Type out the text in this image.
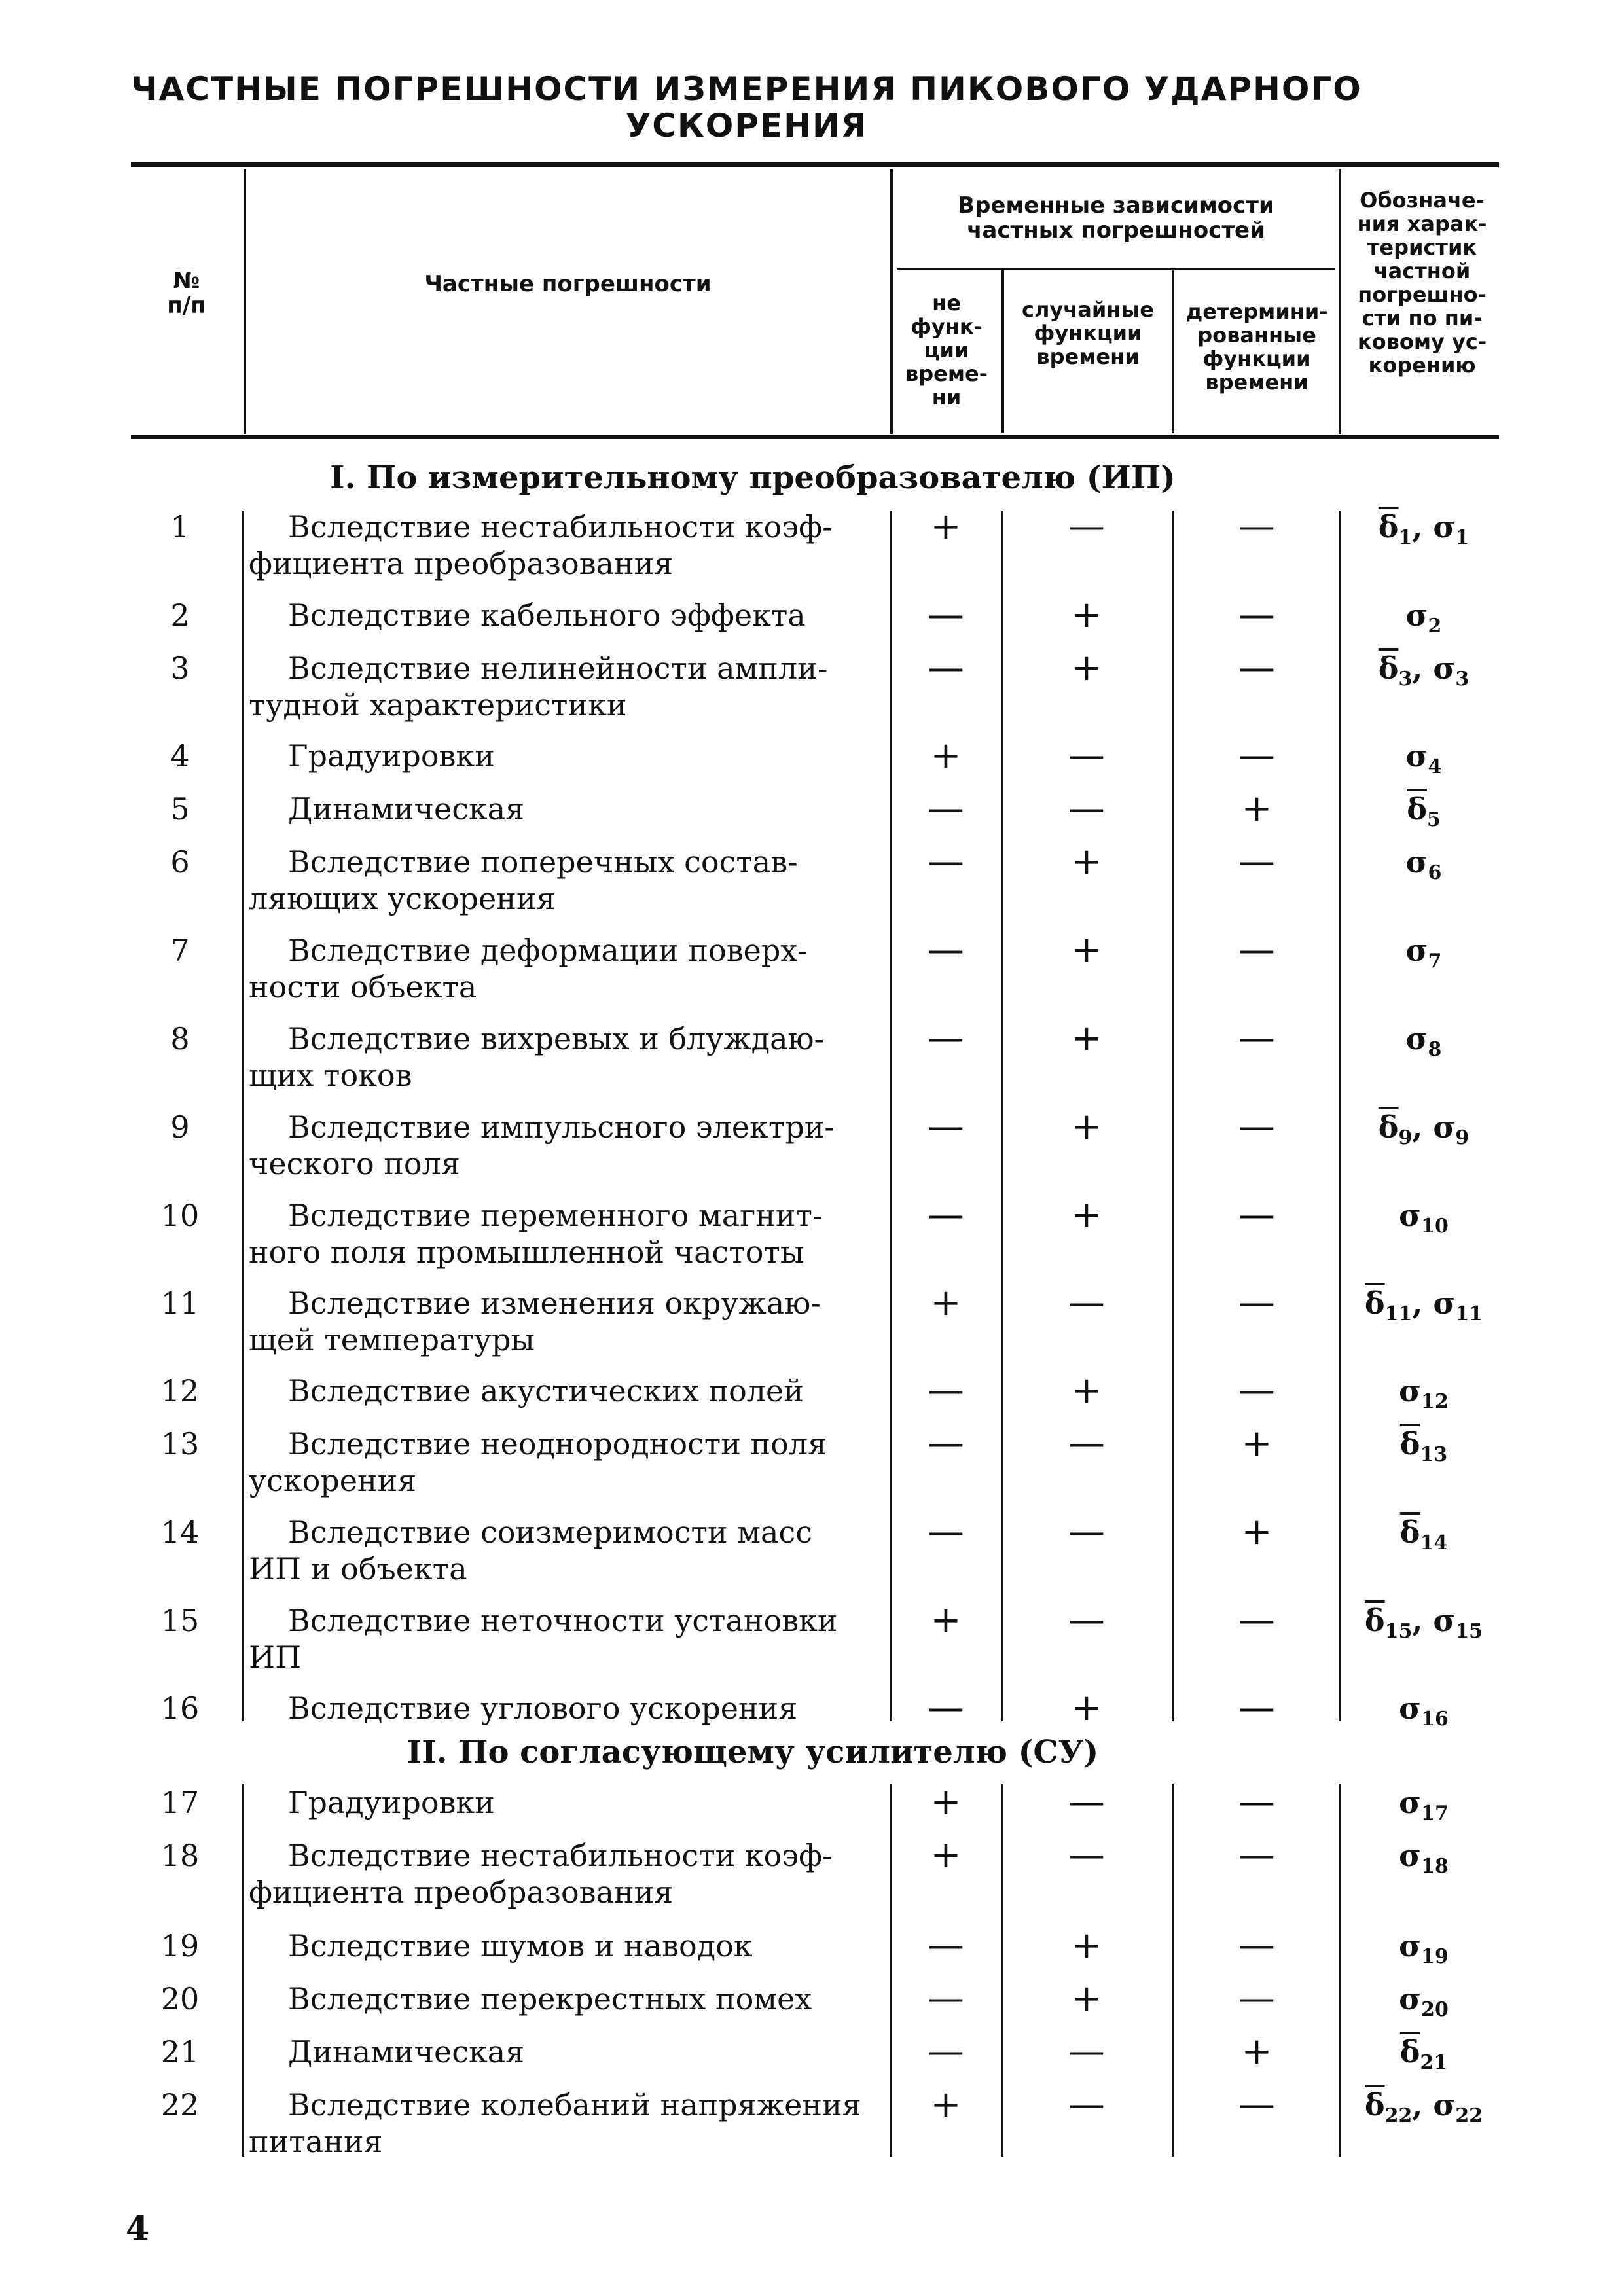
ЧАСТНЫЕ ПОГРЕШНОСТИ ИЗМЕРЕНИЯ ПИКОВОГО УДАРНОГО
УСКОРЕНИЯ
№
п/п
Частные погрешности
Временные зависимости
частных погрешностей
не
функ-
ции
време-
ни
случайные
функции
времени
детермини-
рованные
функции
времени
Обозначе-
ния харак-
теристик
частной
погрешно-
сти по пи-
ковому ус-
корению
I. По измерительному преобразователю (ИП)
II. По согласующему усилителю (СУ)
1	Вследствие нестабильности коэф-
фициента преобразования
+	—	—	$\overline{\delta}_1$, $\sigma_1$
2	Вследствие кабельного эффекта	—	+	—	$\sigma_2$
3	Вследствие нелинейности ампли-
тудной характеристики
—	+	—	$\overline{\delta}_3$, $\sigma_3$
4	Градуировки	+	—	—	$\sigma_4$
5	Динамическая	—	—	+	$\overline{\delta}_5$
6	Вследствие поперечных состав-
ляющих ускорения
—	+	—	$\sigma_6$
7	Вследствие деформации поверх-
ности объекта
—	+	—	$\sigma_7$
8	Вследствие вихревых и блуждаю-
щих токов
—	+	—	$\sigma_8$
9	Вследствие импульсного электри-
ческого поля
—	+	—	$\overline{\delta}_9$, $\sigma_9$
10	Вследствие переменного магнит-
ного поля промышленной частоты
—	+	—	$\sigma_{10}$
11	Вследствие изменения окружаю-
щей температуры
+	—	—	$\overline{\delta}_{11}$, $\sigma_{11}$
12	Вследствие акустических полей	—	+	—	$\sigma_{12}$
13	Вследствие неоднородности поля
ускорения
—	—	+	$\overline{\delta}_{13}$
14	Вследствие соизмеримости масс
ИП и объекта
—	—	+	$\overline{\delta}_{14}$
15	Вследствие неточности установки
ИП
+	—	—	$\overline{\delta}_{15}$, $\sigma_{15}$
16	Вследствие углового ускорения	—	+	—	$\sigma_{16}$
17	Градуировки	+	—	—	$\sigma_{17}$
18	Вследствие нестабильности коэф-
фициента преобразования
+	—	—	$\sigma_{18}$
19	Вследствие шумов и наводок	—	+	—	$\sigma_{19}$
20	Вследствие перекрестных помех	—	+	—	$\sigma_{20}$
21	Динамическая	—	—	+	$\overline{\delta}_{21}$
22	Вследствие колебаний напряжения
питания
+	—	—	$\overline{\delta}_{22}$, $\sigma_{22}$
4
